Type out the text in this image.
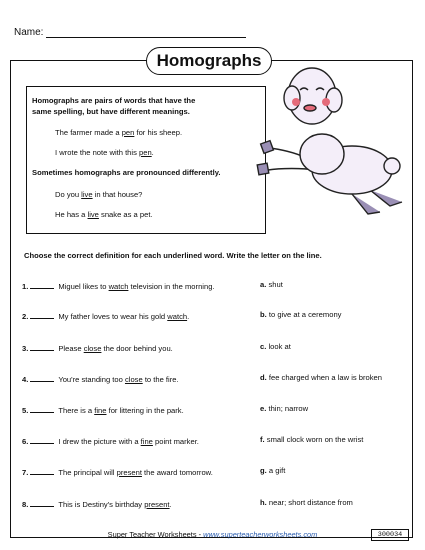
Name:
Homographs
Homographs are pairs of words that have the
same spelling, but have different meanings.
The farmer made a pen for his sheep.
I wrote the note with this pen.
Sometimes homographs are pronounced differently.
Do you live in that house?
He has a live snake as a pet.
Choose the correct definition for each underlined word. Write the letter on the line.
1.	Miguel likes to watch television in the morning.
2.	My father loves to wear his gold watch.
3.	Please close the door behind you.
4.	You're standing too close to the fire.
5.	There is a fine for littering in the park.
6.	I drew the picture with a fine point marker.
7.	The principal will present the award tomorrow.
8.	This is Destiny's birthday present.
a. shut
b. to give at a ceremony
c. look at
d. fee charged when a law is broken
e. thin; narrow
f. small clock worn on the wrist
g. a gift
h. near; short distance from
Super Teacher Worksheets - www.superteacherworksheets.com	300034
